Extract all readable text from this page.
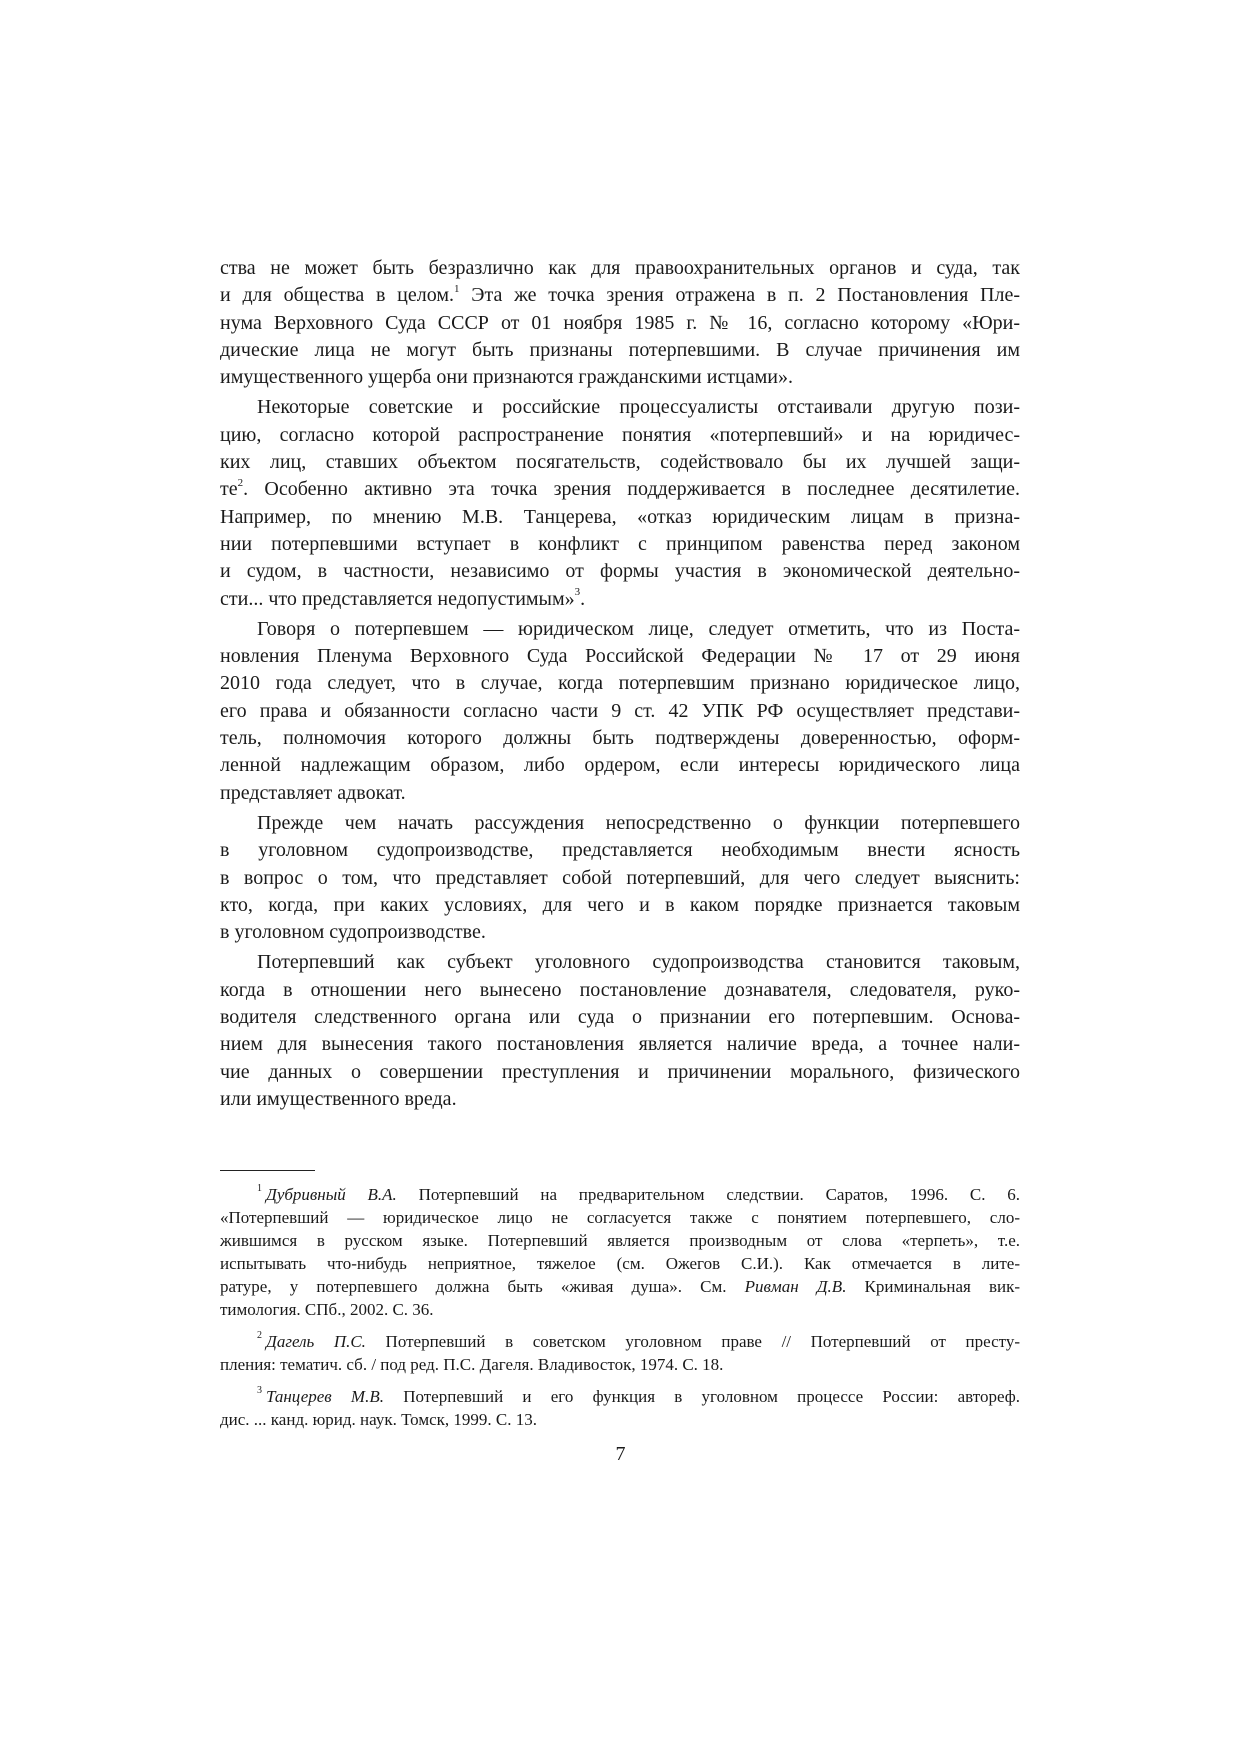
ства не может быть безразлично как для правоохранительных органов и суда, так
и для общества в целом.$^1$ Эта же точка зрения отражена в п. 2 Постановления Пле-
нума Верховного Суда СССР от 01 ноября 1985 г. № 16, согласно которому «Юри-
дические лица не могут быть признаны потерпевшими. В случае причинения им
имущественного ущерба они признаются гражданскими истцами».

Некоторые советские и российские процессуалисты отстаивали другую пози-
цию, согласно которой распространение понятия «потерпевший» и на юридичес-
ких лиц, ставших объектом посягательств, содействовало бы их лучшей защи-
$те^2$. Особенно активно эта точка зрения поддерживается в последнее десятилетие.
Например, по мнению М.В. Танцерева, «отказ юридическим лицам в призна-
нии потерпевшими вступает в конфликт с принципом равенства перед законом
и судом, в частности, независимо от формы участия в экономической деятельно-
сти... что представляется недопустимым»$^3$.

Говоря о потерпевшем — юридическом лице, следует отметить, что из Поста-
новления Пленума Верховного Суда Российской Федерации № 17 от 29 июня
2010 года следует, что в случае, когда потерпевшим признано юридическое лицо,
его права и обязанности согласно части 9 ст. 42 УПК РФ осуществляет представи-
тель, полномочия которого должны быть подтверждены доверенностью, оформ-
ленной надлежащим образом, либо ордером, если интересы юридического лица
представляет адвокат.

Прежде чем начать рассуждения непосредственно о функции потерпевшего
в уголовном судопроизводстве, представляется необходимым внести ясность
в вопрос о том, что представляет собой потерпевший, для чего следует выяснить:
кто, когда, при каких условиях, для чего и в каком порядке признается таковым
в уголовном судопроизводстве.

Потерпевший как субъект уголовного судопроизводства становится таковым,
когда в отношении него вынесено постановление дознавателя, следователя, руко-
водителя следственного органа или суда о признании его потерпевшим. Основа-
нием для вынесения такого постановления является наличие вреда, а точнее нали-
чие данных о совершении преступления и причинении морального, физического
или имущественного вреда.

$^1$ Дубривный В.А. Потерпевший на предварительном следствии. Саратов, 1996. С. 6.
«Потерпевший — юридическое лицо не согласуется также с понятием потерпевшего, сло-
жившимся в русском языке. Потерпевший является производным от слова «терпеть», т.е.
испытывать что-нибудь неприятное, тяжелое (см. Ожегов С.И.). Как отмечается в лите-
ратуре, у потерпевшего должна быть «живая душа». См. Ривман Д.В. Криминальная вик-
тимология. СПб., 2002. С. 36.

$^2$ Дагель П.С. Потерпевший в советском уголовном праве // Потерпевший от престу-
пления: тематич. сб. / под ред. П.С. Дагеля. Владивосток, 1974. С. 18.

$^3$ Танцерев М.В. Потерпевший и его функция в уголовном процессе России: автореф.
дис. ... канд. юрид. наук. Томск, 1999. С. 13.

7
